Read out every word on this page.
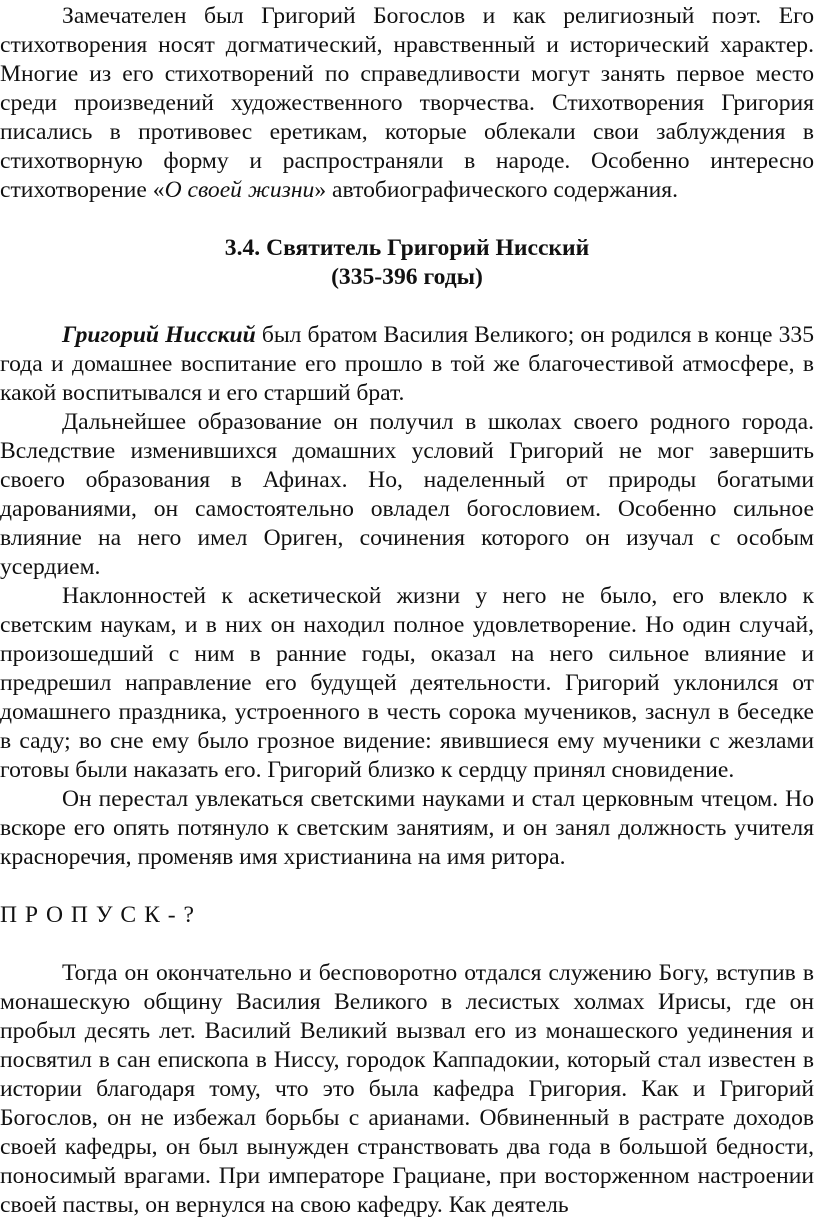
Замечателен был Григорий Богослов и как религиозный поэт. Его стихотворения носят догматический, нравственный и исторический характер. Многие из его стихотворений по справедливости могут занять первое место среди произведений художественного творчества. Стихотворения Григория писались в противовес еретикам, которые облекали свои заблуждения в стихотворную форму и распространяли в народе. Особенно интересно стихотворение «О своей жизни» автобиографического содержания.

3.4. Святитель Григорий Нисский

(335-396 годы)

Григорий Нисский был братом Василия Великого; он родился в конце 335 года и домашнее воспитание его прошло в той же благочестивой атмосфере, в какой воспитывался и его старший брат.

Дальнейшее образование он получил в школах своего родного города. Вследствие изменившихся домашних условий Григорий не мог завершить своего образования в Афинах. Но, наделенный от природы богатыми дарованиями, он самостоятельно овладел богословием. Особенно сильное влияние на него имел Ориген, сочинения которого он изучал с особым усердием.

Наклонностей к аскетической жизни у него не было, его влекло к светским наукам, и в них он находил полное удовлетворение. Но один случай, произошедший с ним в ранние годы, оказал на него сильное влияние и предрешил направление его будущей деятельности. Григорий уклонился от домашнего праздника, устроенного в честь сорока мучеников, заснул в беседке в саду; во сне ему было грозное видение: явившиеся ему мученики с жезлами готовы были наказать его. Григорий близко к сердцу принял сновидение.

Он перестал увлекаться светскими науками и стал церковным чтецом. Но вскоре его опять потянуло к светским занятиям, и он занял должность учителя красноречия, променяв имя христианина на имя ритора.

П Р О П У С К - ?

Тогда он окончательно и бесповоротно отдался служению Богу, вступив в монашескую общину Василия Великого в лесистых холмах Ирисы, где он пробыл десять лет. Василий Великий вызвал его из монашеского уединения и посвятил в сан епископа в Ниссу, городок Каппадокии, который стал известен в истории благодаря тому, что это была кафедра Григория. Как и Григорий Богослов, он не избежал борьбы с арианами. Обвиненный в растрате доходов своей кафедры, он был вынужден странствовать два года в большой бедности, поносимый врагами. При императоре Грациане, при восторженном настроении своей паствы, он вернулся на свою кафедру. Как деятель
